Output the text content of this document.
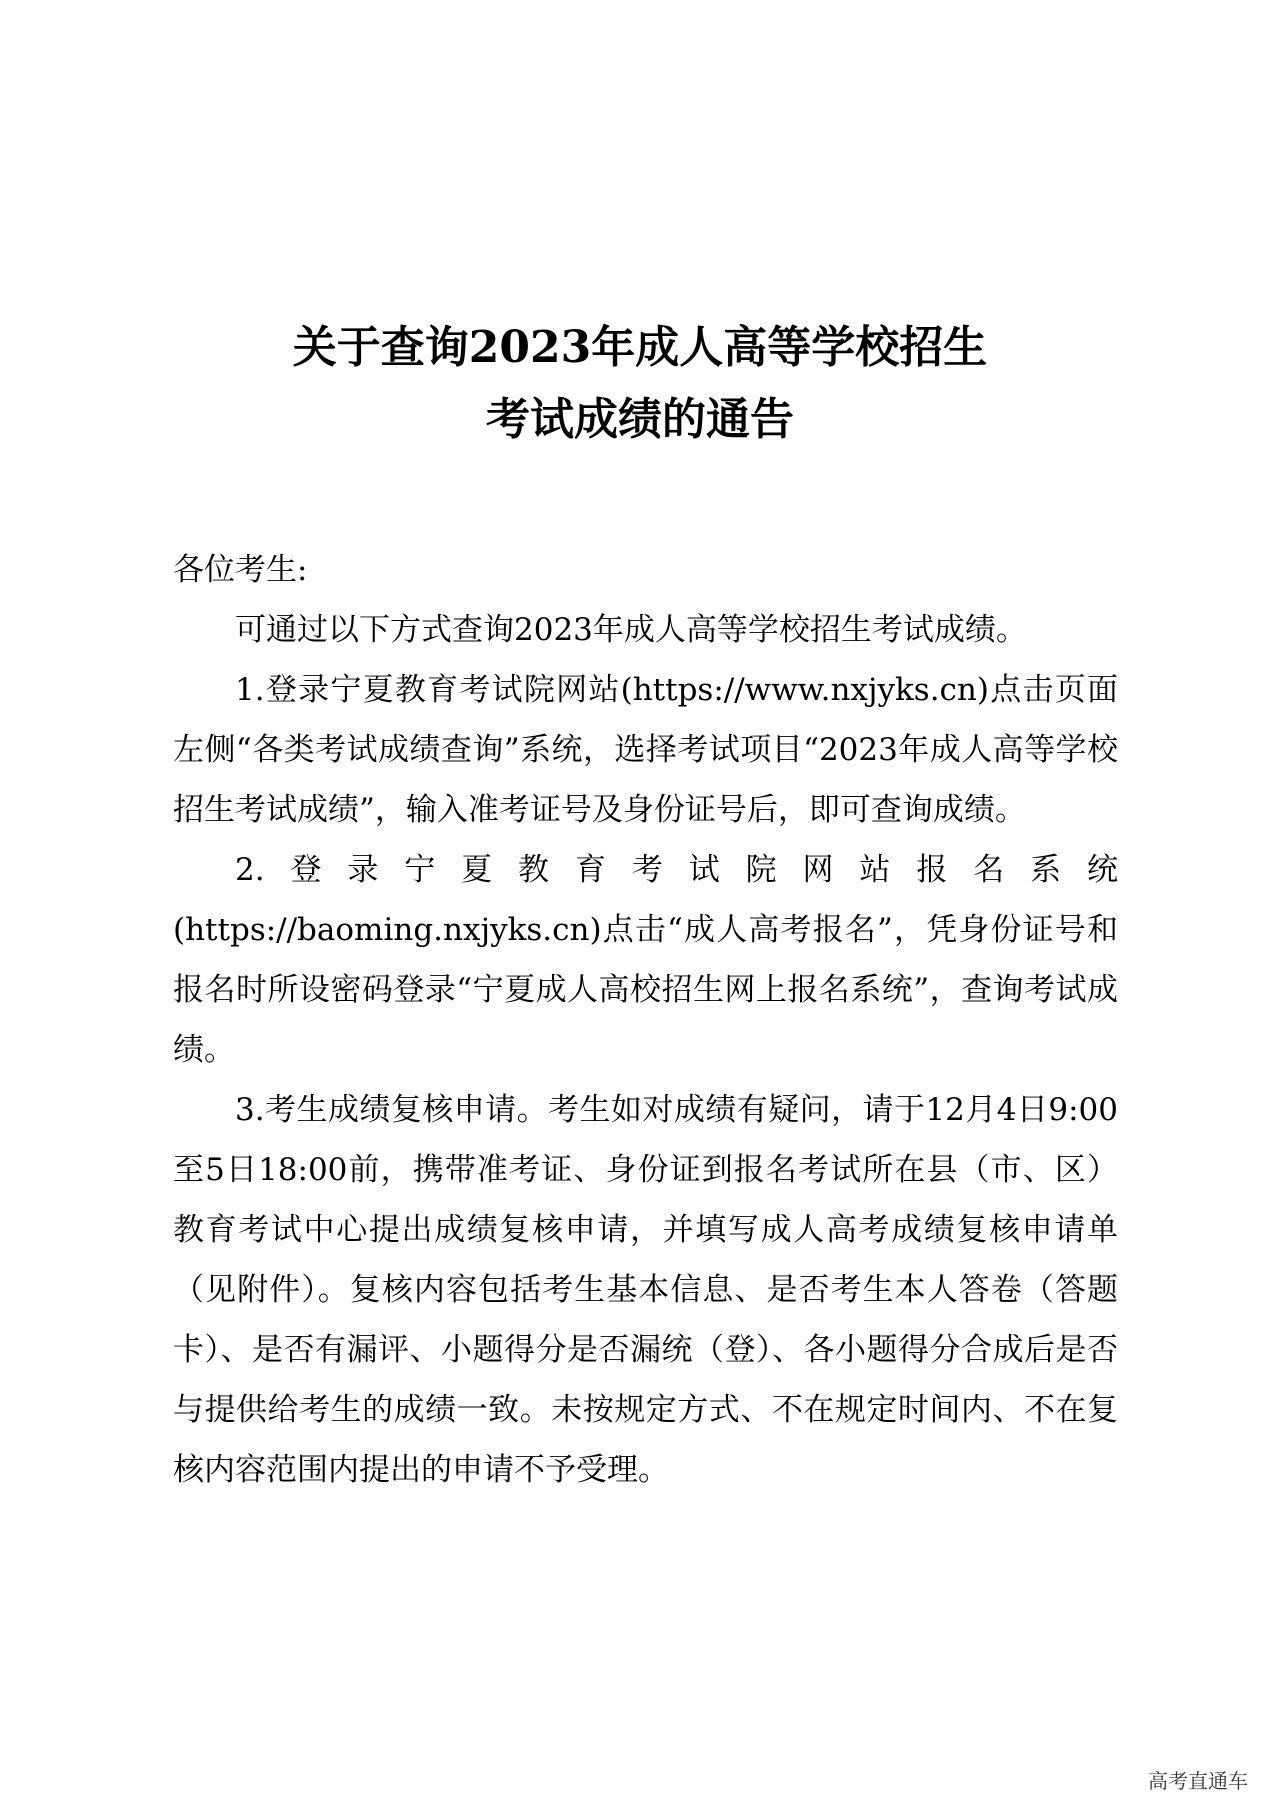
关于查询2023年成人高等学校招生
考试成绩的通告
各位考生:

可通过以下方式查询2023年成人高等学校招生考试成绩。

1.登录宁夏教育考试院网站(https://www.nxjyks.cn)点击页面左侧“各类考试成绩查询”系统，选择考试项目“2023年成人高等学校招生考试成绩”，输入准考证号及身份证号后，即可查询成绩。

2.登录宁夏教育考试院网站报名系统(https://baoming.nxjyks.cn)点击“成人高考报名”，凭身份证号和报名时所设密码登录“宁夏成人高校招生网上报名系统”，查询考试成绩。

3.考生成绩复核申请。考生如对成绩有疑问，请于12月4日9:00至5日18:00前，携带准考证、身份证到报名考试所在县（市、区）教育考试中心提出成绩复核申请，并填写成人高考成绩复核申请单（见附件）。复核内容包括考生基本信息、是否考生本人答卷（答题卡）、是否有漏评、小题得分是否漏统（登）、各小题得分合成后是否与提供给考生的成绩一致。未按规定方式、不在规定时间内、不在复核内容范围内提出的申请不予受理。

高考直通车
